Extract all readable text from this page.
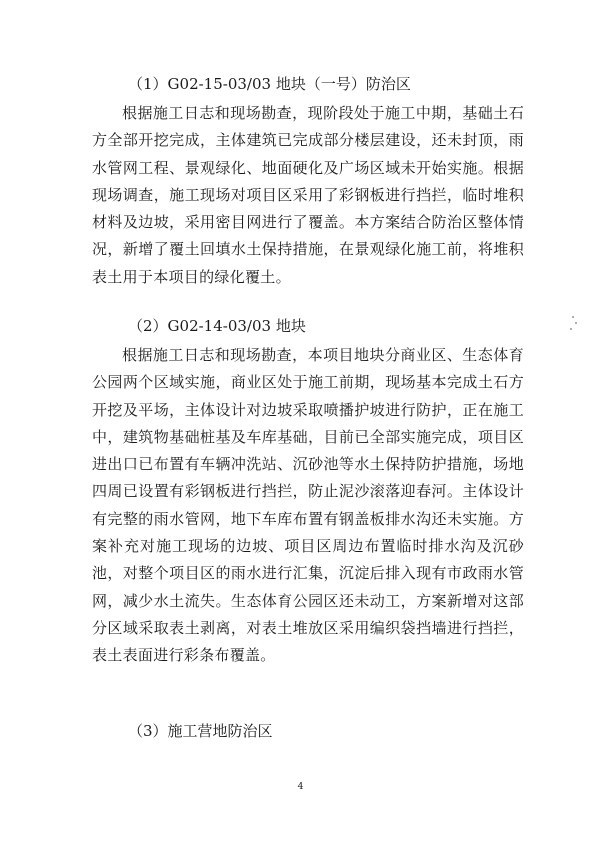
（1）G02-15-03/03 地块（一号）防治区
根据施工日志和现场勘查，现阶段处于施工中期，基础土石方全部开挖完成，主体建筑已完成部分楼层建设，还未封顶，雨水管网工程、景观绿化、地面硬化及广场区域未开始实施。根据现场调查，施工现场对项目区采用了彩钢板进行挡拦，临时堆积材料及边坡，采用密目网进行了覆盖。本方案结合防治区整体情况，新增了覆土回填水土保持措施，在景观绿化施工前，将堆积表土用于本项目的绿化覆土。
（2）G02-14-03/03 地块
根据施工日志和现场勘查，本项目地块分商业区、生态体育公园两个区域实施，商业区处于施工前期，现场基本完成土石方开挖及平场，主体设计对边坡采取喷播护坡进行防护，正在施工中，建筑物基础桩基及车库基础，目前已全部实施完成，项目区进出口已布置有车辆冲洗站、沉砂池等水土保持防护措施，场地四周已设置有彩钢板进行挡拦，防止泥沙滚落迎春河。主体设计有完整的雨水管网，地下车库布置有钢盖板排水沟还未实施。方案补充对施工现场的边坡、项目区周边布置临时排水沟及沉砂池，对整个项目区的雨水进行汇集，沉淀后排入现有市政雨水管网，减少水土流失。生态体育公园区还未动工，方案新增对这部分区域采取表土剥离，对表土堆放区采用编织袋挡墙进行挡拦，表土表面进行彩条布覆盖。
（3）施工营地防治区
4
